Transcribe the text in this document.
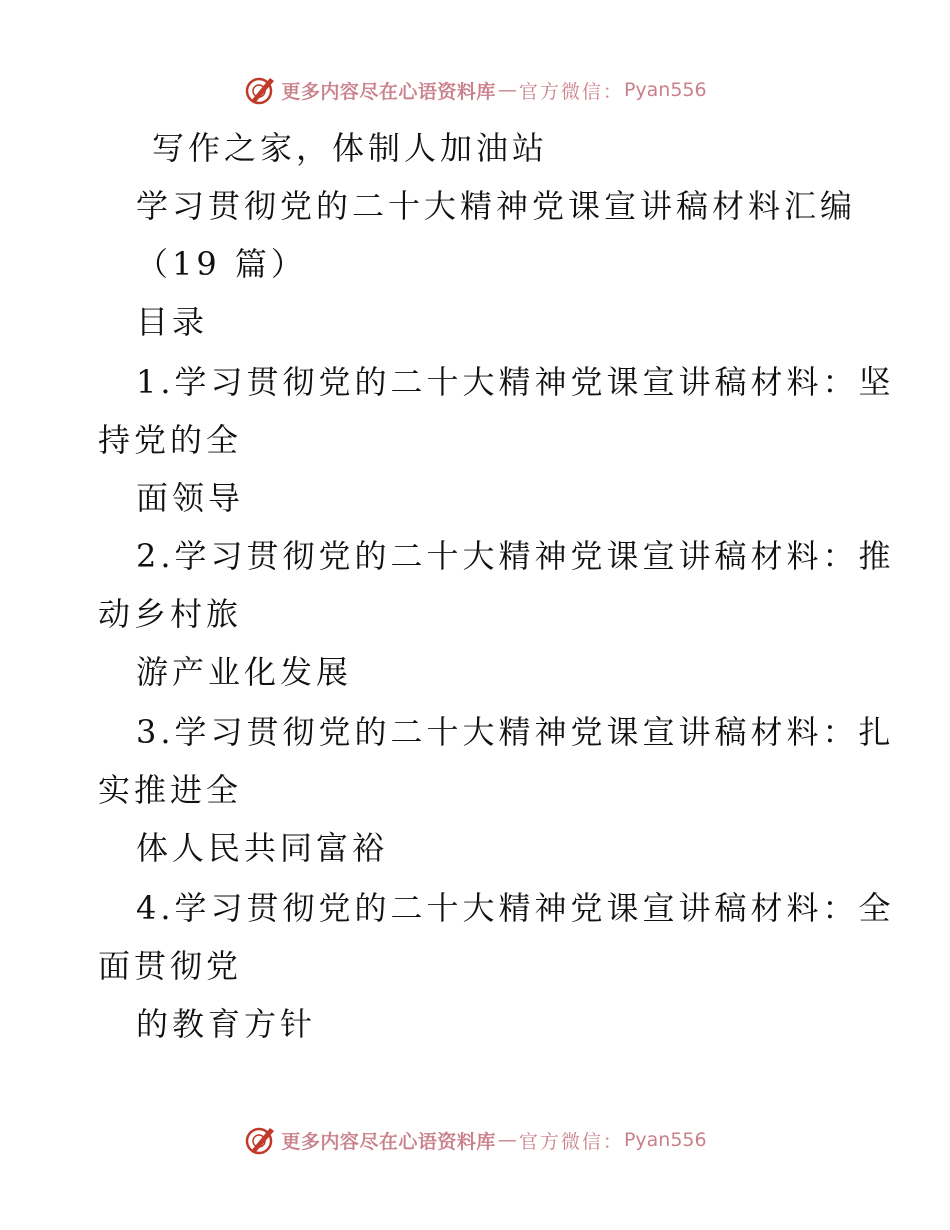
更多内容尽在心语资料库 — 官方微信： Pyan556
写作之家，体制人加油站
学习贯彻党的二十大精神党课宣讲稿材料汇编
（19 篇）
目录
1.学习贯彻党的二十大精神党课宣讲稿材料：坚
持党的全
面领导
2.学习贯彻党的二十大精神党课宣讲稿材料：推
动乡村旅
游产业化发展
3.学习贯彻党的二十大精神党课宣讲稿材料：扎
实推进全
体人民共同富裕
4.学习贯彻党的二十大精神党课宣讲稿材料：全
面贯彻党
的教育方针
更多内容尽在心语资料库 — 官方微信： Pyan556
